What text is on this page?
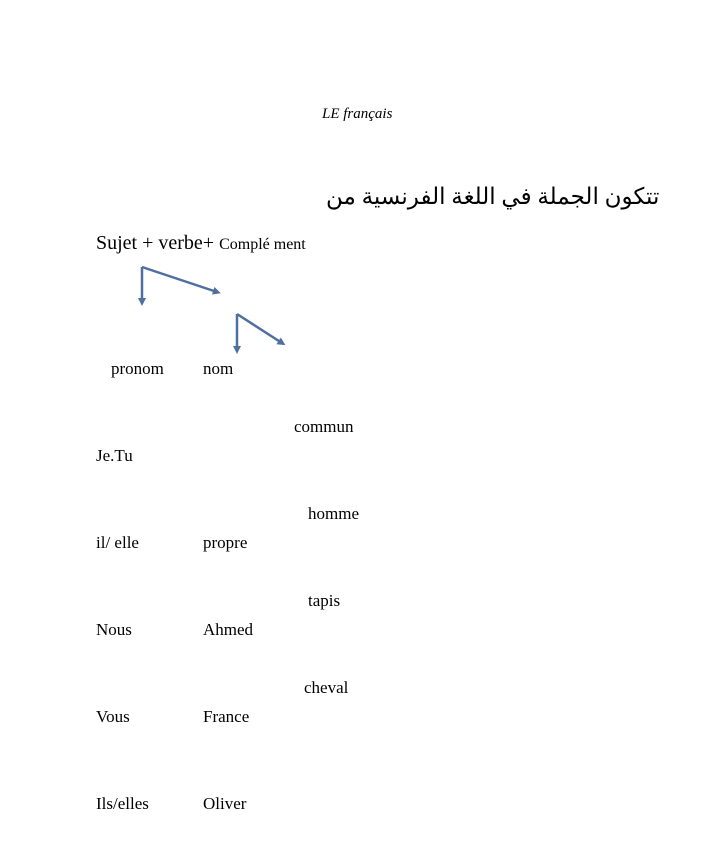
LE français
تتكون الجملة في اللغة الفرنسية من
Sujet + verbe+ Complé ment

pronom

Je.Tu

il/ elle

Nous

Vous

Ils/elles

nom

propre

Ahmed

France

Oliver

commun

homme

tapis

cheval
